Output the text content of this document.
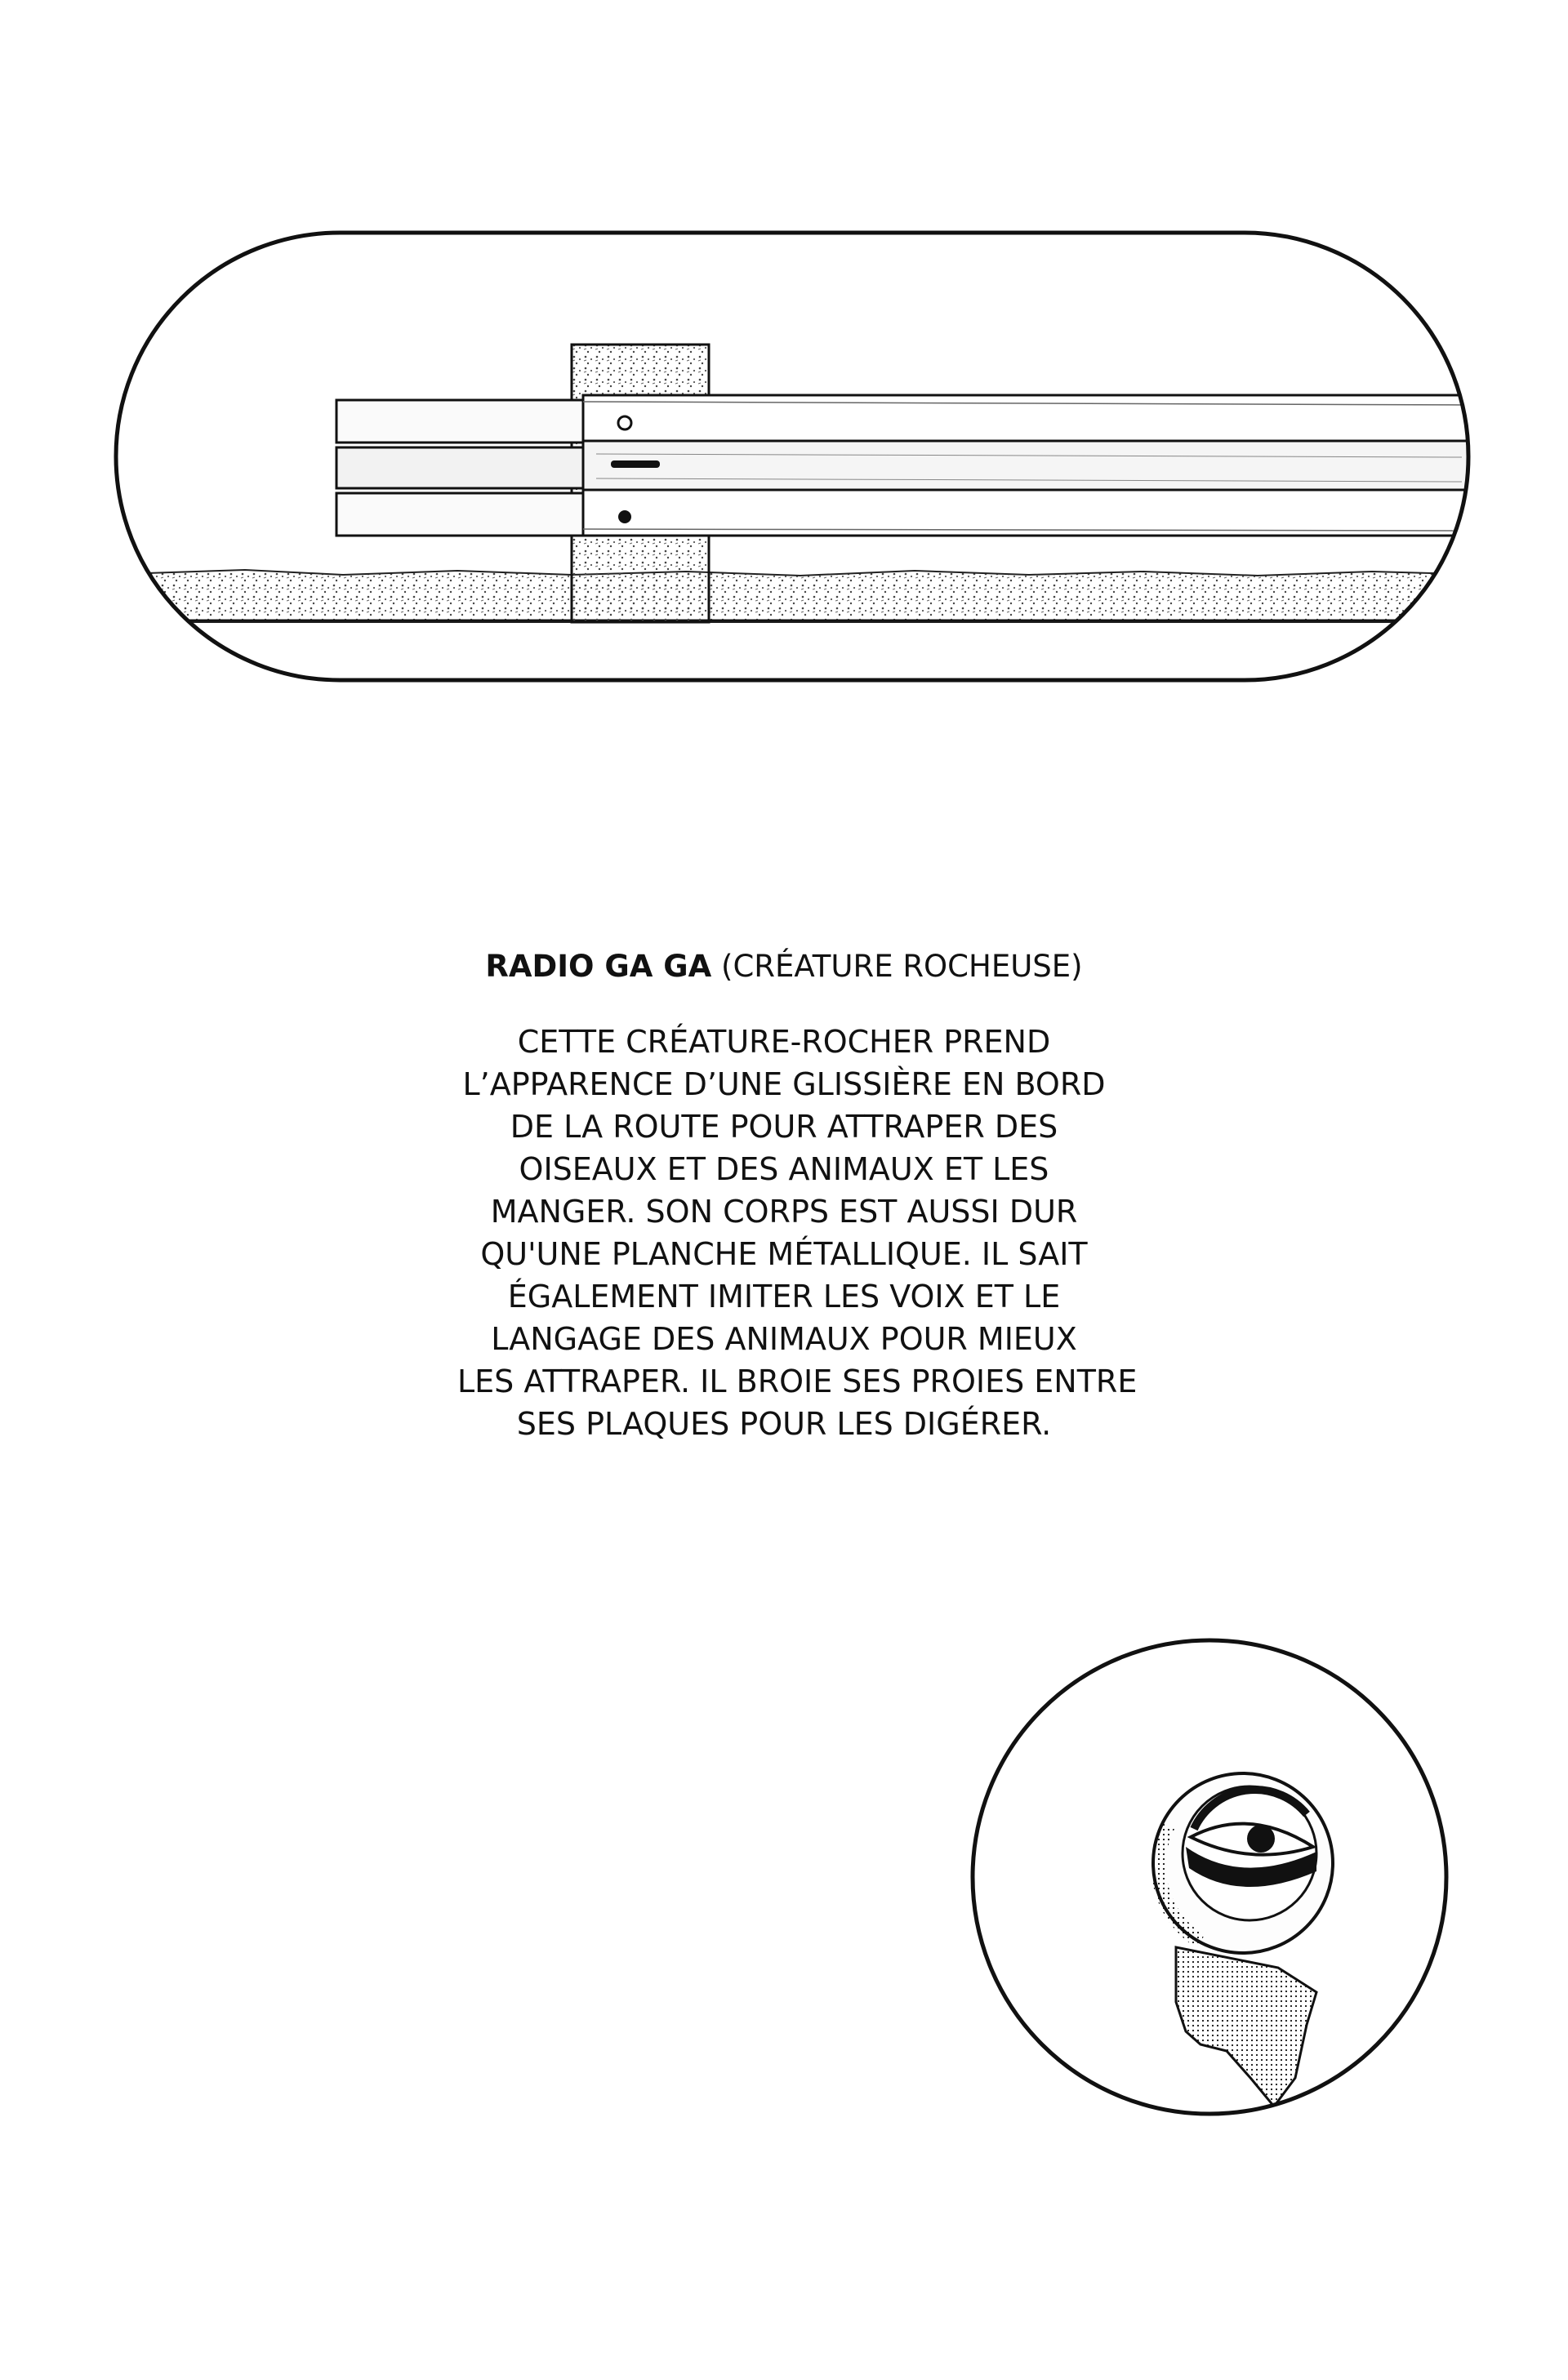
RADIO GA GA (CRÉATURE ROCHEUSE)

CETTE CRÉATURE-ROCHER PREND
L’APPARENCE D’UNE GLISSIÈRE EN BORD
DE LA ROUTE POUR ATTRAPER DES
OISEAUX ET DES ANIMAUX ET LES
MANGER. SON CORPS EST AUSSI DUR
QU'UNE PLANCHE MÉTALLIQUE. IL SAIT
ÉGALEMENT IMITER LES VOIX ET LE
LANGAGE DES ANIMAUX POUR MIEUX
LES ATTRAPER. IL BROIE SES PROIES ENTRE
SES PLAQUES POUR LES DIGÉRER.
